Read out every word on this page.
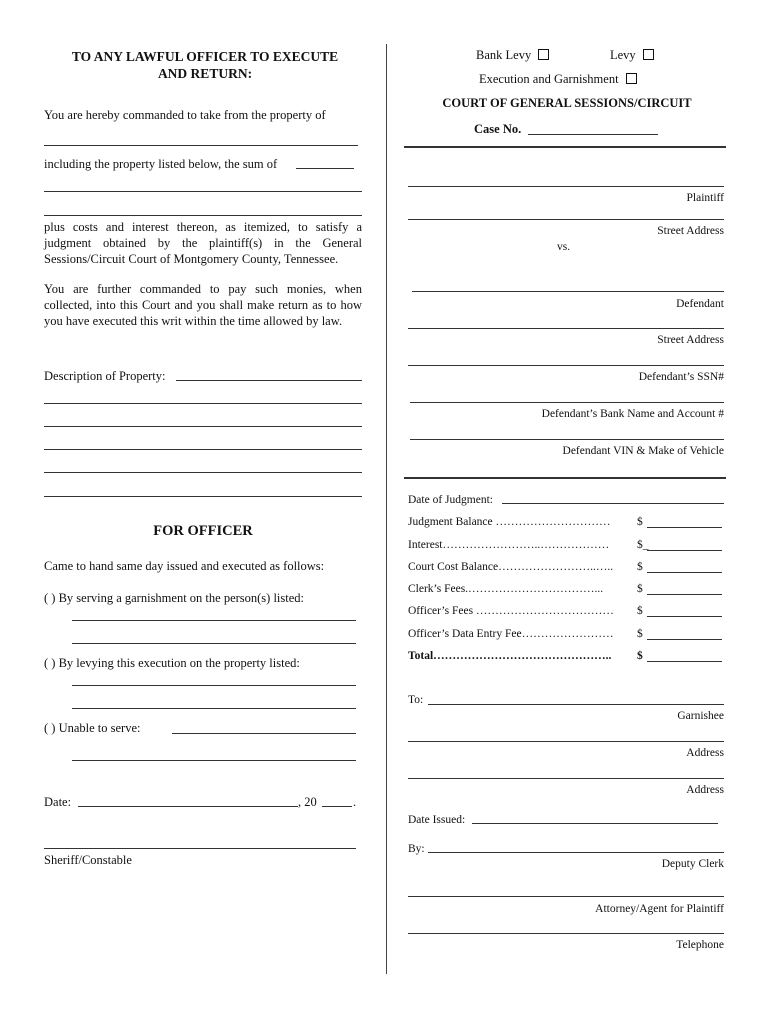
TO ANY LAWFUL OFFICER TO EXECUTE
AND RETURN:
You are hereby commanded to take from the property of
including the property listed below, the sum of
plus costs and interest thereon, as itemized, to satisfy a judgment obtained by the plaintiff(s) in the General Sessions/Circuit Court of Montgomery County, Tennessee.
You are further commanded to pay such monies, when collected, into this Court and you shall make return as to how you have executed this writ within the time allowed by law.
Description of Property:
FOR OFFICER
Came to hand same day issued and executed as follows:
( ) By serving a garnishment on the person(s) listed:
( ) By levying this execution on the property listed:
( ) Unable to serve:
Date:	, 20	.
Sheriff/Constable
Bank Levy	Levy
Execution and Garnishment
COURT OF GENERAL SESSIONS/CIRCUIT
Case No.
Plaintiff
Street Address
vs.
Defendant
Street Address
Defendant’s SSN#
Defendant’s Bank Name and Account #
Defendant VIN & Make of Vehicle
Date of Judgment:
Judgment Balance ………………………… $
Interest……………………..……………… $_
Court Cost Balance……………………..….. $
Clerk’s Fees.……………………………...	$
Officer’s Fees ……………………………… $
Officer’s Data Entry Fee…………………… $
Total……………………………………….. $
To:
Garnishee
Address
Address
Date Issued:
By:
Deputy Clerk
Attorney/Agent for Plaintiff
Telephone
